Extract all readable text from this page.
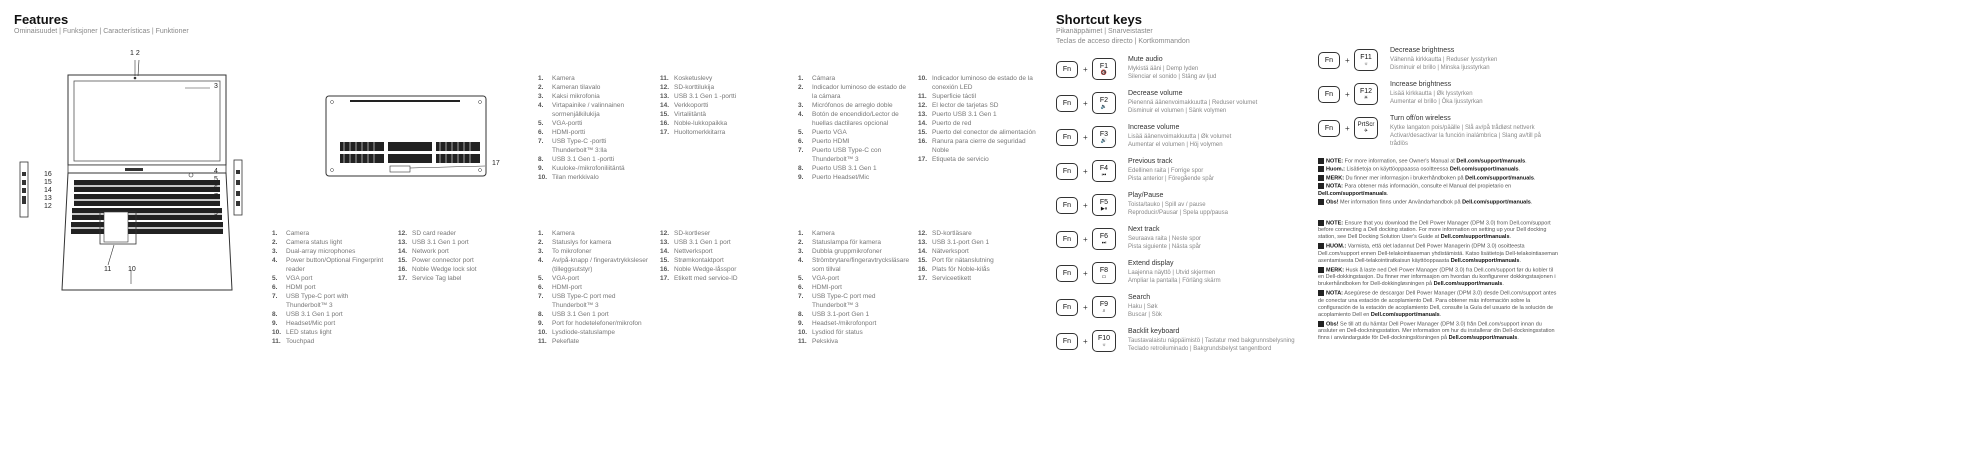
Features
Ominaisuudet | Funksjoner | Características | Funktioner
1 2
3
4
5
6
7
8
9
16
15
14
13
12
11 10
17
1.	Kamera
2.	Kameran tilavalo
3.	Kaksi mikrofonia
4.	Virtapainike / valinnainen sormenjälkilukija
5.	VGA-portti
6.	HDMI-portti
7.	USB Type-C -portti Thunderbolt™ 3:lla
8.	USB 3.1 Gen 1 -portti
9.	Kuuloke-/mikrofoniliitäntä
10. Tilan merkkivalo
11. Kosketuslevy
12. SD-korttilukija
13. USB 3.1 Gen 1 -portti
14. Verkkoportti
15. Virtaliitäntä
16. Noble-lukkopaikka
17. Huoltomerkkitarra
1.	Cámara
2.	Indicador luminoso de estado de la cámara
3.	Micrófonos de arreglo doble
4.	Botón de encendido/Lector de huellas dactilares opcional
5.	Puerto VGA
6.	Puerto HDMI
7.	Puerto USB Type-C con Thunderbolt™ 3
8.	Puerto USB 3.1 Gen 1
9.	Puerto Headset/Mic
10. Indicador luminoso de estado de la conexión LED
11. Superficie táctil
12. El lector de tarjetas SD
13. Puerto USB 3.1 Gen 1
14. Puerto de red
15. Puerto del conector de alimentación
16. Ranura para cierre de seguridad Noble
17. Etiqueta de servicio
1.	Camera
2.	Camera status light
3.	Dual-array microphones
4.	Power button/Optional Fingerprint reader
5.	VGA port
6.	HDMI port
7.	USB Type-C port with Thunderbolt™ 3
8.	USB 3.1 Gen 1 port
9.	Headset/Mic port
10. LED status light
11. Touchpad
12. SD card reader
13. USB 3.1 Gen 1 port
14. Network port
15. Power connector port
16. Noble Wedge lock slot
17. Service Tag label
1.	Kamera
2.	Statuslys for kamera
3.	To mikrofoner
4.	Av/på-knapp / fingeravtrykksleser (tilleggsutstyr)
5.	VGA-port
6.	HDMI-port
7.	USB Type-C port med Thunderbolt™ 3
8.	USB 3.1 Gen 1 port
9.	Port for hodetelefoner/mikrofon
10. Lysdiode-statuslampe
11. Pekeflate
12. SD-kortleser
13. USB 3.1 Gen 1 port
14. Nettverksport
15. Strømkontaktport
16. Noble Wedge-låsspor
17. Etikett med service-ID
1.	Kamera
2.	Statuslampa för kamera
3.	Dubbla gruppmikrofoner
4.	Strömbrytare/fingeravtrycksläsare som tillval
5.	VGA-port
6.	HDMI-port
7.	USB Type-C port med Thunderbolt™ 3
8.	USB 3.1-port Gen 1
9.	Headset-/mikrofonport
10. Lysdiod för status
11. Pekskiva
12. SD-kortläsare
13. USB 3.1-port Gen 1
14. Nätverksport
15. Port för nätanslutning
16. Plats för Noble-kilås
17. Serviceetikett
Shortcut keys
Pikanäppäimet | Snarveistaster
Teclas de acceso directo | Kortkommandon
Fn	+ F1
🔇
Mute audio
Mykistä ääni | Demp lyden
Silenciar el sonido | Stäng av ljud
Fn	+ F2
🔉
Decrease volume
Pienennä äänenvoimakkuutta | Reduser volumet
Disminuir el volumen | Sänk volymen
Fn	+ F3
🔊
Increase volume
Lisää äänenvoimakkuutta | Øk volumet
Aumentar el volumen | Höj volymen
Fn	+ F4
⏮
Previous track
Edellinen raita | Forrige spor
Pista anterior | Föregående spår
Fn	+ F5
▶⏸
Play/Pause
Toista/tauko | Spill av / pause
Reproducir/Pausar | Spela upp/pausa
Fn	+ F6
⏭
Next track
Seuraava raita | Neste spor
Pista siguiente | Nästa spår
Fn	+ F8
▭
Extend display
Laajenna näyttö | Utvid skjermen
Ampliar la pantalla | Förläng skärm
Fn	+ F9
⌕
Search
Haku | Søk
Buscar | Sök
Fn	+ F10
☼
Backlit keyboard
Taustavalaistu näppäimistö | Tastatur med bakgrunnsbelysning
Teclado retroiluminado | Bakgrundsbelyst tangentbord
Fn	+ F11
☼
Decrease brightness
Vähennä kirkkautta | Reduser lysstyrken
Disminuir el brillo | Minska ljusstyrkan
Fn	+ F12
☀
Increase brightness
Lisää kirkkautta | Øk lysstyrken
Aumentar el brillo | Öka ljusstyrkan
Fn	+ PrtScr
✈
Turn off/on wireless
Kytke langaton pois/päälle | Slå av/på trådløst nettverk
Activar/desactivar la función inalámbrica | Slang av/till på
trådlös
NOTE: For more information, see Owner's Manual at Dell.com/support/manuals.
Huom.: Lisätietoja on käyttöoppaassa osoitteessa Dell.com/support/manuals.
MERK: Du finner mer informasjon i brukerhåndboken på Dell.com/support/manuals.
NOTA: Para obtener más información, consulte el Manual del propietario en Dell.com/support/manuals.
Obs! Mer information finns under Användarhandbok på Dell.com/support/manuals.
NOTE: Ensure that you download the Dell Power Manager (DPM 3.0) from Dell.com/support before connecting a Dell docking station. For more information on setting up your Dell docking station, see Dell Docking Solution User's Guide at Dell.com/support/manuals.
HUOM.: Varmista, että olet ladannut Dell Power Managerin (DPM 3.0) osoitteesta Dell.com/support ennen Dell-telakointiaseman yhdistämistä. Katso lisätietoja Dell-telakointiaseman asentamisesta Dell-telakointiratkaisun käyttöoppaasta Dell.com/support/manuals.
MERK: Husk å laste ned Dell Power Manager (DPM 3.0) fra Dell.com/support før du kobler til en Dell-dokkingstasjon. Du finner mer informasjon om hvordan du konfigurerer dokkingstasjonen i brukerhåndboken for Dell-dokkingløsningen på Dell.com/support/manuals.
NOTA: Asegúrese de descargar Dell Power Manager (DPM 3.0) desde Dell.com/support antes de conectar una estación de acoplamiento Dell. Para obtener más información sobre la configuración de la estación de acoplamiento Dell, consulte la Guía del usuario de la solución de acoplamiento Dell en Dell.com/support/manuals.
Obs! Se till att du hämtar Dell Power Manager (DPM 3.0) från Dell.com/support innan du ansluter en Dell-dockningsstation. Mer information om hur du installerar din Dell-dockningsstation finns i användarguide för Dell-dockningslösningen på Dell.com/support/manuals.
